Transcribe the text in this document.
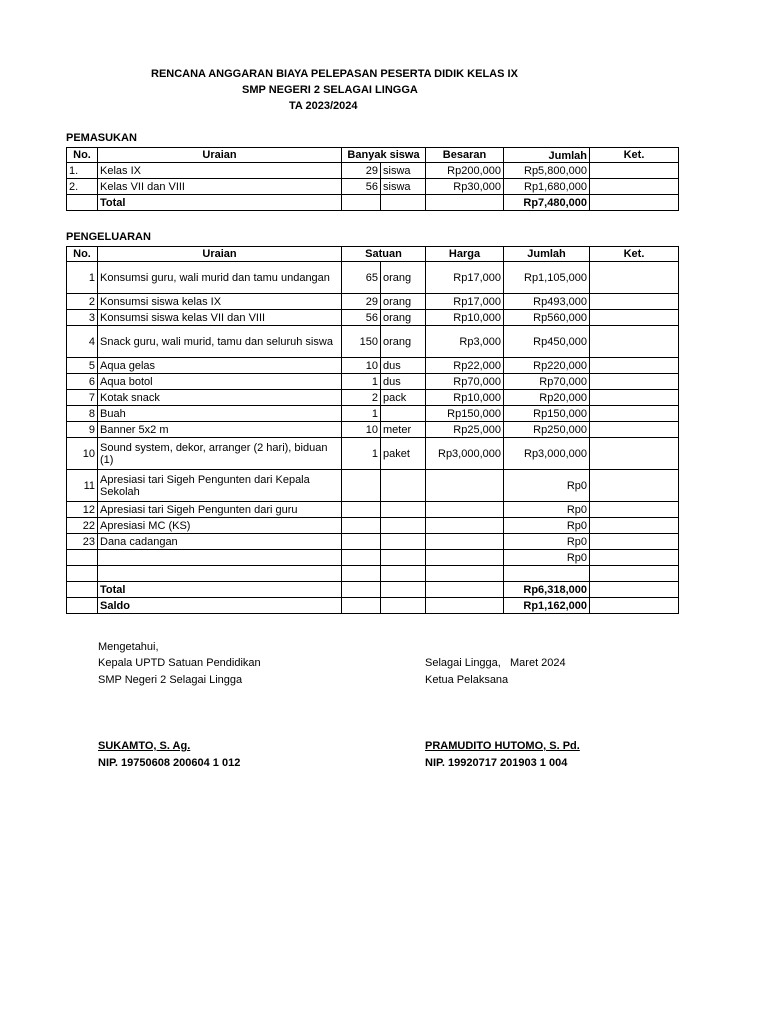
RENCANA ANGGARAN BIAYA PELEPASAN PESERTA DIDIK KELAS IX
SMP NEGERI 2 SELAGAI LINGGA
TA 2023/2024
PEMASUKAN
No.	Uraian	Banyak siswa		Besaran	Jumlah	Ket.
1.	Kelas IX	29	siswa	Rp200,000	Rp5,800,000	
2.	Kelas VII dan VIII	56	siswa	Rp30,000	Rp1,680,000	
	Total				Rp7,480,000	
PENGELUARAN
No.	Uraian	Satuan		Harga	Jumlah	Ket.
1	Konsumsi guru, wali murid dan tamu undangan	65	orang	Rp17,000	Rp1,105,000	
2	Konsumsi siswa kelas IX	29	orang	Rp17,000	Rp493,000	
3	Konsumsi siswa kelas VII dan VIII	56	orang	Rp10,000	Rp560,000	
4	Snack guru, wali murid, tamu dan seluruh siswa	150	orang	Rp3,000	Rp450,000	
5	Aqua gelas	10	dus	Rp22,000	Rp220,000	
6	Aqua botol	1	dus	Rp70,000	Rp70,000	
7	Kotak snack	2	pack	Rp10,000	Rp20,000	
8	Buah	1		Rp150,000	Rp150,000	
9	Banner 5x2 m	10	meter	Rp25,000	Rp250,000	
10	Sound system, dekor, arranger (2 hari), biduan (1)	1	paket	Rp3,000,000	Rp3,000,000	
11	Apresiasi tari Sigeh Pengunten dari Kepala Sekolah				Rp0	
12	Apresiasi tari Sigeh Pengunten dari guru				Rp0	
22	Apresiasi MC (KS)				Rp0	
23	Dana cadangan				Rp0	
					Rp0	

	Total				Rp6,318,000	
	Saldo				Rp1,162,000	
Mengetahui,
Kepala UPTD Satuan Pendidikan
SMP Negeri 2 Selagai Lingga
Selagai Lingga,   Maret 2024
Ketua Pelaksana
SUKAMTO, S. Ag.
NIP. 19750608 200604 1 012
PRAMUDITO HUTOMO, S. Pd.
NIP. 19920717 201903 1 004
